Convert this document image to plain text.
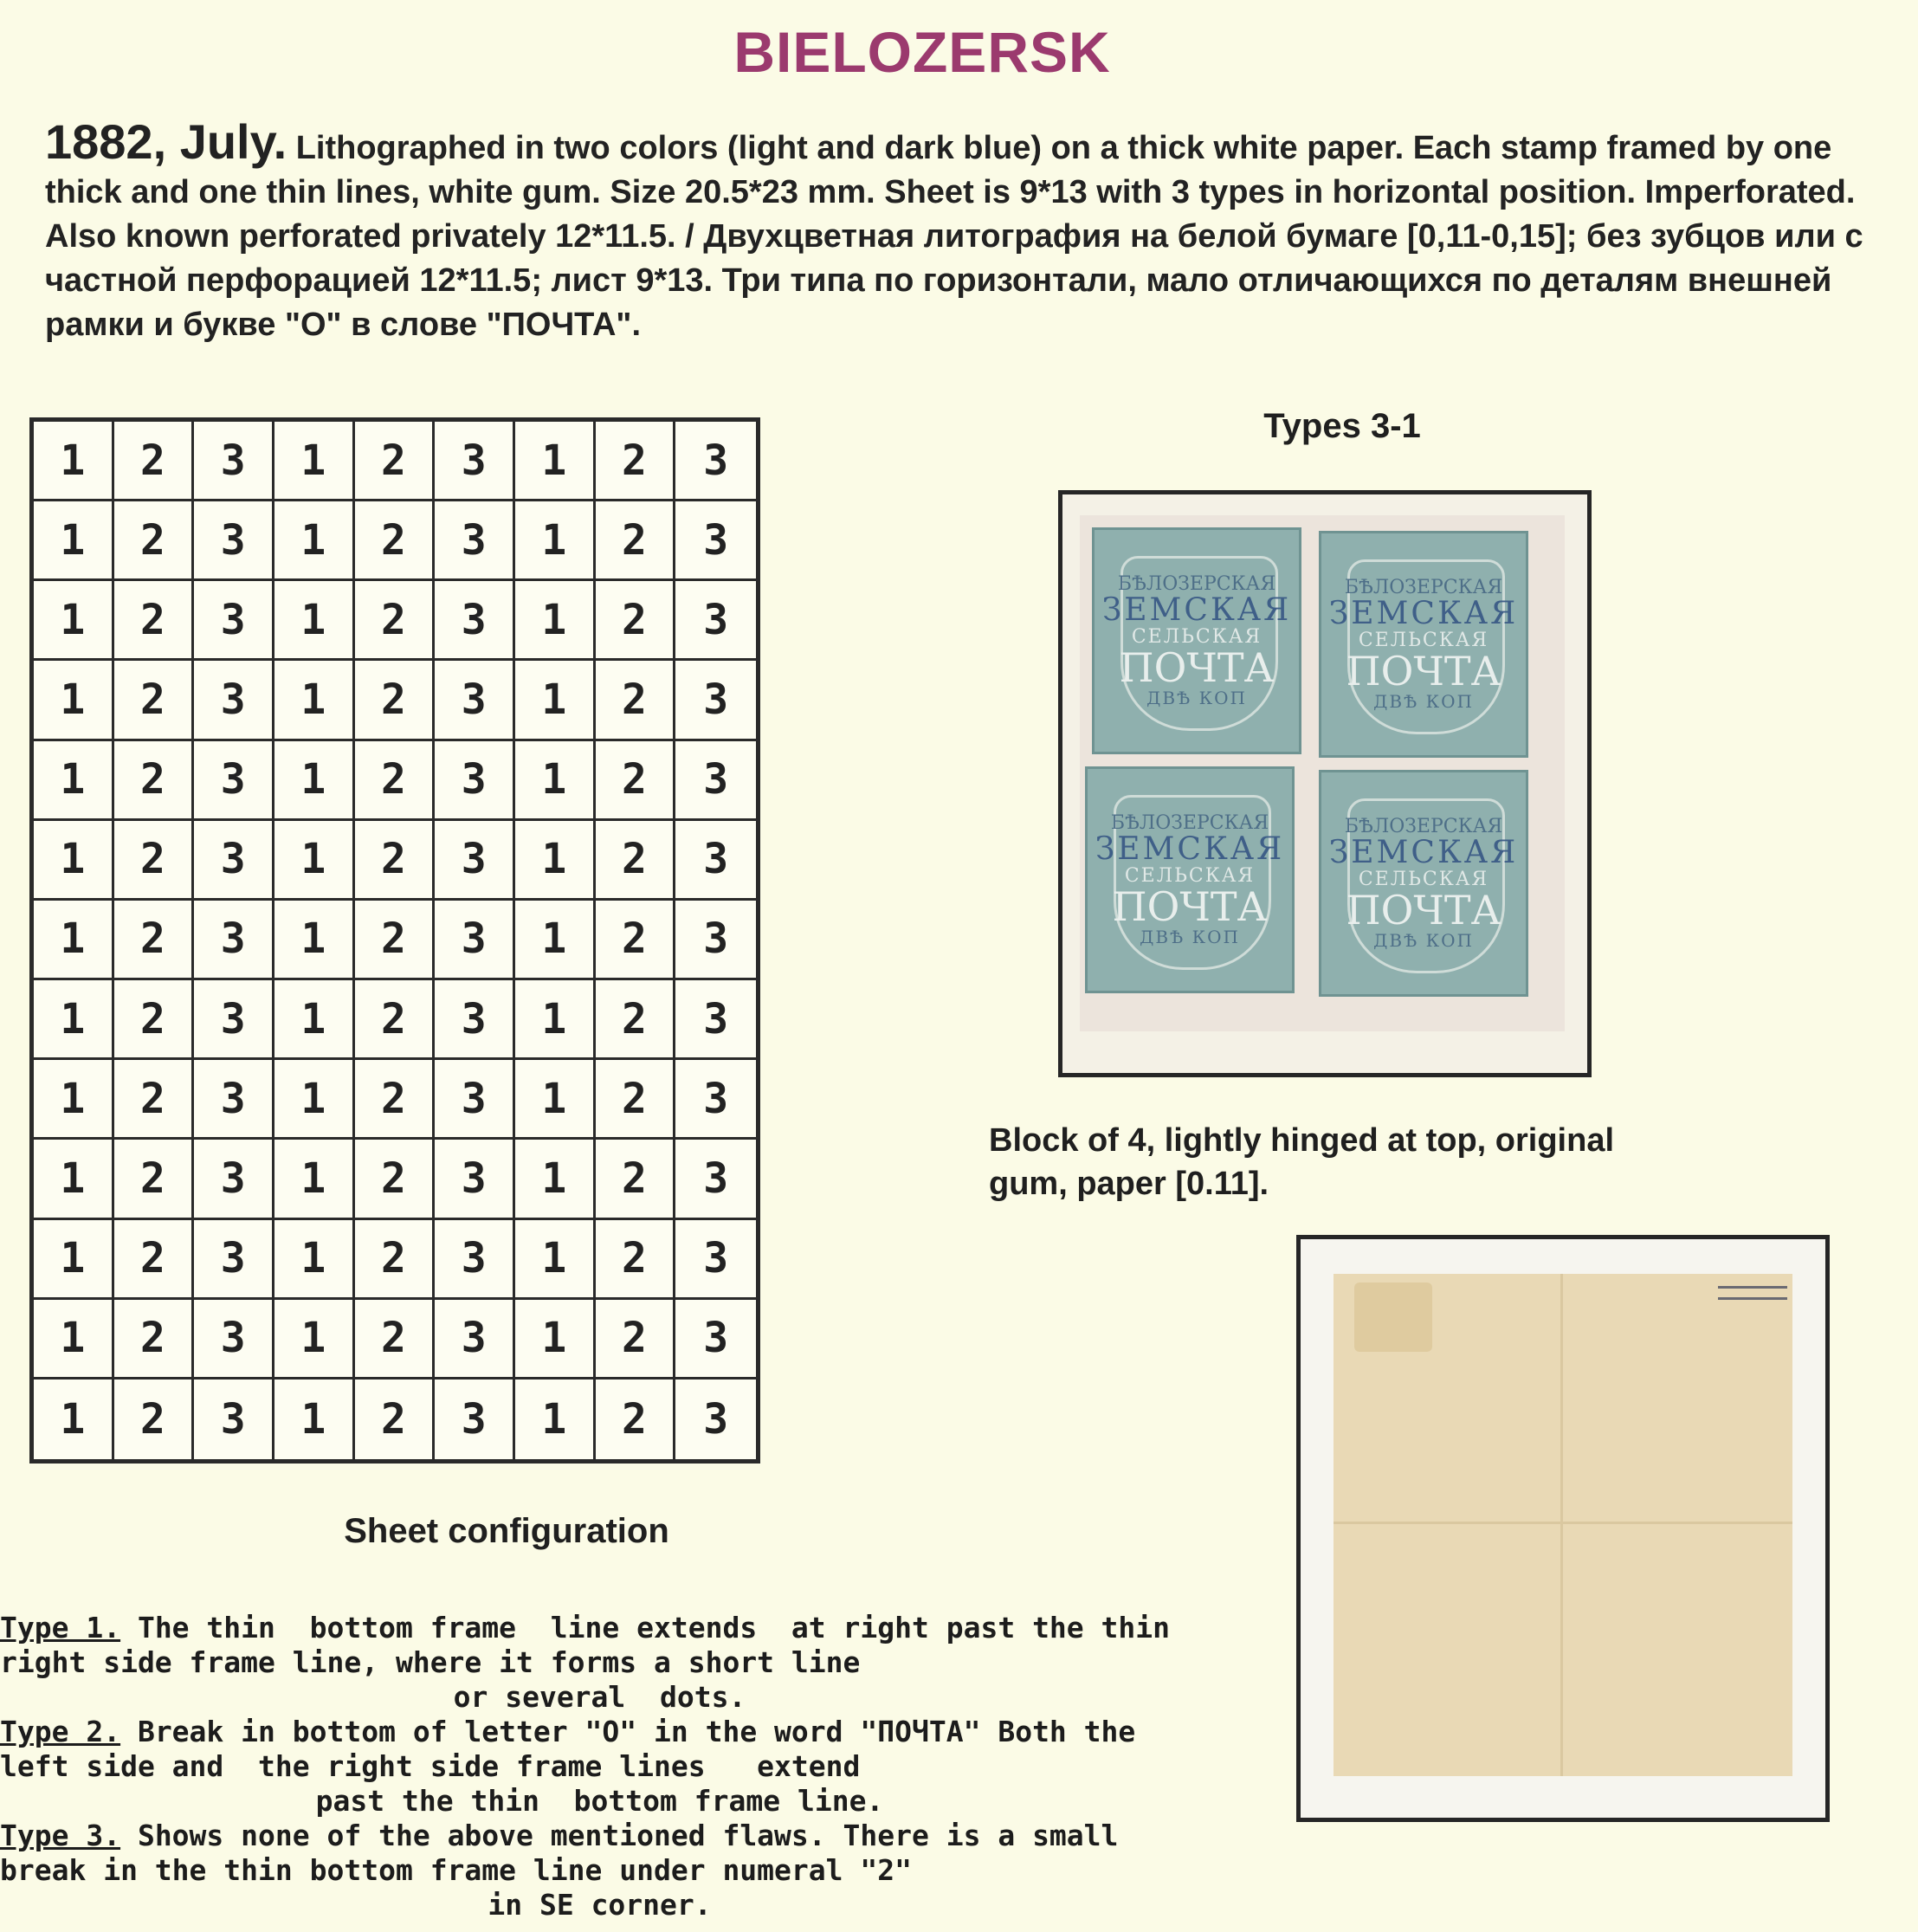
BIELOZERSK
1882, July. Lithographed in two colors (light and dark blue) on a thick white paper. Each stamp framed by one thick and one thin lines, white gum. Size 20.5*23 mm. Sheet is 9*13 with 3 types in horizontal position. Imperforated. Also known perforated privately 12*11.5. / Двухцветная литография на белой бумаге [0,11-0,15]; без зубцов или с частной перфорацией 12*11.5; лист 9*13. Три типа по горизонтали, мало отличающихся по деталям внешней рамки и букве "О" в слове "ПОЧТА".
1	2	3	1	2	3	1	2	3
1	2	3	1	2	3	1	2	3
1	2	3	1	2	3	1	2	3
1	2	3	1	2	3	1	2	3
1	2	3	1	2	3	1	2	3
1	2	3	1	2	3	1	2	3
1	2	3	1	2	3	1	2	3
1	2	3	1	2	3	1	2	3
1	2	3	1	2	3	1	2	3
1	2	3	1	2	3	1	2	3
1	2	3	1	2	3	1	2	3
1	2	3	1	2	3	1	2	3
1	2	3	1	2	3	1	2	3
Sheet configuration
Type 1. The thin  bottom frame  line extends  at right past the thin right side frame line, where it forms a short line

or several  dots.
Type 2. Break in bottom of letter "O" in the word "ПОЧТА" Both the left side and  the right side frame lines   extend

past the thin  bottom frame line.
Type 3. Shows none of the above mentioned flaws. There is a small break in the thin bottom frame line under numeral "2"

in SE corner.
Types 3-1
БѢЛОЗЕРСКАЯ
ЗЕМСКАЯ
СЕЛЬСКАЯ
ПОЧТА
ДВѢ КОП
БѢЛОЗЕРСКАЯ
ЗЕМСКАЯ
СЕЛЬСКАЯ
ПОЧТА
ДВѢ КОП
БѢЛОЗЕРСКАЯ
ЗЕМСКАЯ
СЕЛЬСКАЯ
ПОЧТА
ДВѢ КОП
БѢЛОЗЕРСКАЯ
ЗЕМСКАЯ
СЕЛЬСКАЯ
ПОЧТА
ДВѢ КОП
Block of 4, lightly hinged at top, original gum, paper [0.11].
